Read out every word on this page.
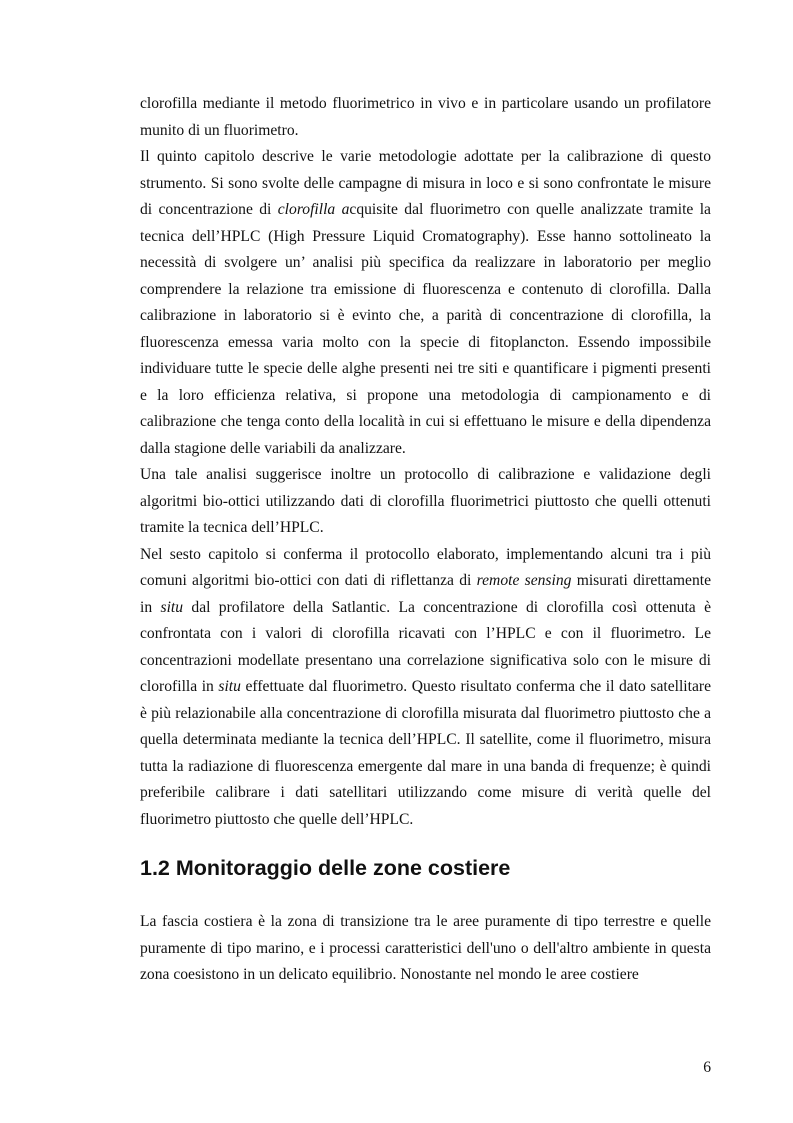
clorofilla mediante il metodo fluorimetrico in vivo e in particolare usando un profilatore munito di un fluorimetro.

Il quinto capitolo descrive le varie metodologie adottate per la calibrazione di questo strumento. Si sono svolte delle campagne di misura in loco e si sono confrontate le misure di concentrazione di clorofilla acquisite dal fluorimetro con quelle analizzate tramite la tecnica dell’HPLC (High Pressure Liquid Cromatography). Esse hanno sottolineato la necessità di svolgere un’ analisi più specifica da realizzare in laboratorio per meglio comprendere la relazione tra emissione di fluorescenza e contenuto di clorofilla. Dalla calibrazione in laboratorio si è evinto che, a parità di concentrazione di clorofilla, la fluorescenza emessa varia molto con la specie di fitoplancton. Essendo impossibile individuare tutte le specie delle alghe presenti nei tre siti e quantificare i pigmenti presenti e la loro efficienza relativa, si propone una metodologia di campionamento e di calibrazione che tenga conto della località in cui si effettuano le misure e della dipendenza dalla stagione delle variabili da analizzare.

Una tale analisi suggerisce inoltre un protocollo di calibrazione e validazione degli algoritmi bio-ottici utilizzando dati di clorofilla fluorimetrici piuttosto che quelli ottenuti tramite la tecnica dell’HPLC.

Nel sesto capitolo si conferma il protocollo elaborato, implementando alcuni tra i più comuni algoritmi bio-ottici con dati di riflettanza di remote sensing misurati direttamente in situ dal profilatore della Satlantic. La concentrazione di clorofilla così ottenuta è confrontata con i valori di clorofilla ricavati con l’HPLC e con il fluorimetro. Le concentrazioni modellate presentano una correlazione significativa solo con le misure di clorofilla in situ effettuate dal fluorimetro. Questo risultato conferma che il dato satellitare è più relazionabile alla concentrazione di clorofilla misurata dal fluorimetro piuttosto che a quella determinata mediante la tecnica dell’HPLC. Il satellite, come il fluorimetro, misura tutta la radiazione di fluorescenza emergente dal mare in una banda di frequenze; è quindi preferibile calibrare i dati satellitari utilizzando come misure di verità quelle del fluorimetro piuttosto che quelle dell’HPLC.

1.2 Monitoraggio delle zone costiere

La fascia costiera è la zona di transizione tra le aree puramente di tipo terrestre e quelle puramente di tipo marino, e i processi caratteristici dell'uno o dell'altro ambiente in questa zona coesistono in un delicato equilibrio. Nonostante nel mondo le aree costiere

6
